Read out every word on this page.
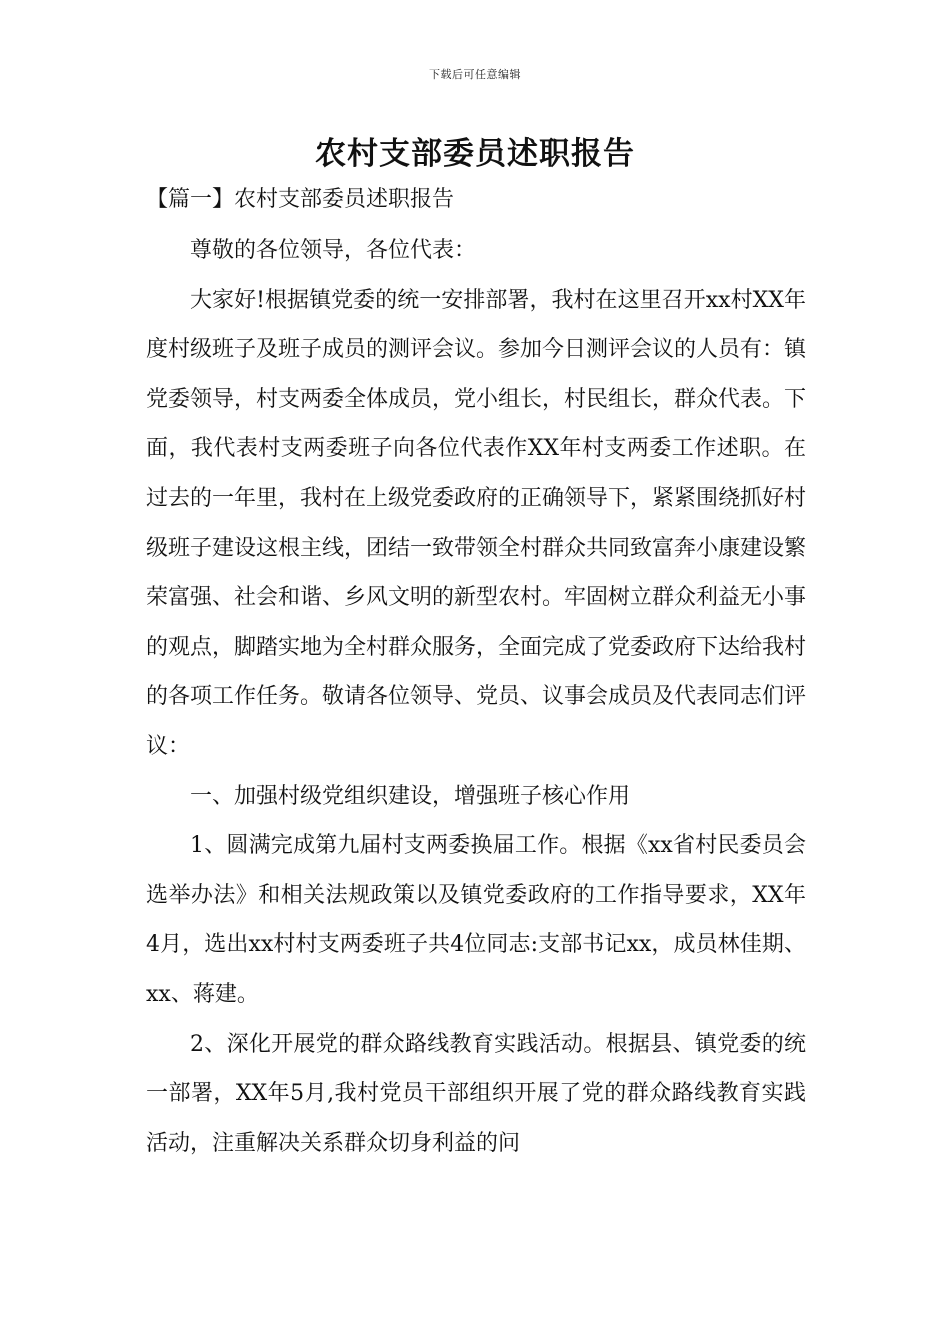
下载后可任意编辑
农村支部委员述职报告
【篇一】农村支部委员述职报告

尊敬的各位领导，各位代表：

大家好!根据镇党委的统一安排部署，我村在这里召开xx村XX年度村级班子及班子成员的测评会议。参加今日测评会议的人员有：镇党委领导，村支两委全体成员，党小组长，村民组长，群众代表。下面，我代表村支两委班子向各位代表作XX年村支两委工作述职。在过去的一年里，我村在上级党委政府的正确领导下，紧紧围绕抓好村级班子建设这根主线，团结一致带领全村群众共同致富奔小康建设繁荣富强、社会和谐、乡风文明的新型农村。牢固树立群众利益无小事的观点，脚踏实地为全村群众服务，全面完成了党委政府下达给我村的各项工作任务。敬请各位领导、党员、议事会成员及代表同志们评议：

一、加强村级党组织建设，增强班子核心作用

1、圆满完成第九届村支两委换届工作。根据《xx省村民委员会选举办法》和相关法规政策以及镇党委政府的工作指导要求，XX年4月，选出xx村村支两委班子共4位同志:支部书记xx，成员林佳期、xx、蒋建。

2、深化开展党的群众路线教育实践活动。根据县、镇党委的统一部署，XX年5月,我村党员干部组织开展了党的群众路线教育实践活动，注重解决关系群众切身利益的问
